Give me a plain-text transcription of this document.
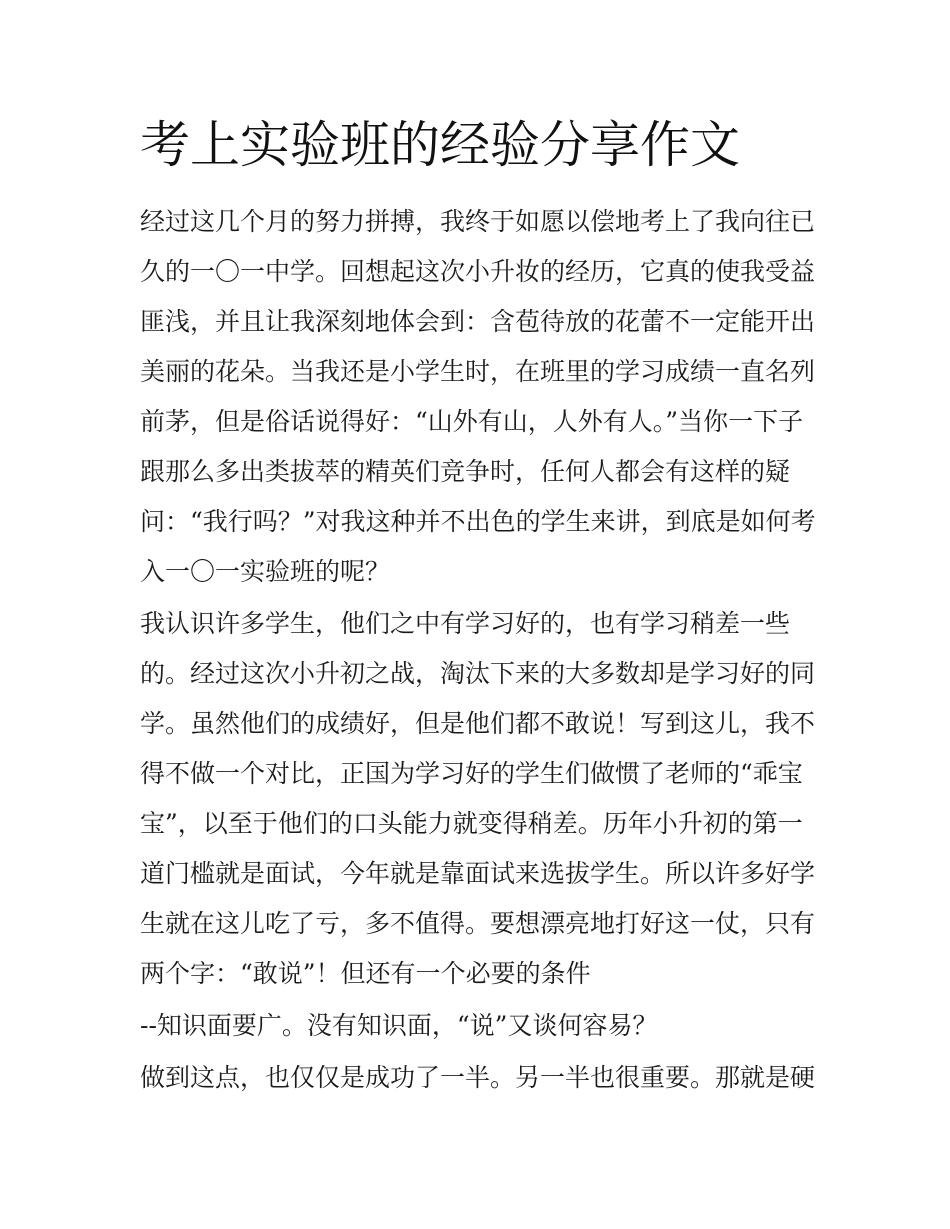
考上实验班的经验分享作文

经过这几个月的努力拼搏，我终于如愿以偿地考上了我向往已

久的一〇一中学。回想起这次小升妆的经历，它真的使我受益

匪浅，并且让我深刻地体会到：含苞待放的花蕾不一定能开出

美丽的花朵。当我还是小学生时，在班里的学习成绩一直名列

前茅，但是俗话说得好：“山外有山，人外有人。”当你一下子

跟那么多出类拔萃的精英们竞争时，任何人都会有这样的疑

问：“我行吗？”对我这种并不出色的学生来讲，到底是如何考

入一〇一实验班的呢？

我认识许多学生，他们之中有学习好的，也有学习稍差一些

的。经过这次小升初之战，淘汰下来的大多数却是学习好的同

学。虽然他们的成绩好，但是他们都不敢说！写到这儿，我不

得不做一个对比，正国为学习好的学生们做惯了老师的“乖宝

宝”，以至于他们的口头能力就变得稍差。历年小升初的第一

道门槛就是面试，今年就是靠面试来选拔学生。所以许多好学

生就在这儿吃了亏，多不值得。要想漂亮地打好这一仗，只有

两个字：“敢说”！但还有一个必要的条件

--知识面要广。没有知识面，“说”又谈何容易？

做到这点，也仅仅是成功了一半。另一半也很重要。那就是硬
